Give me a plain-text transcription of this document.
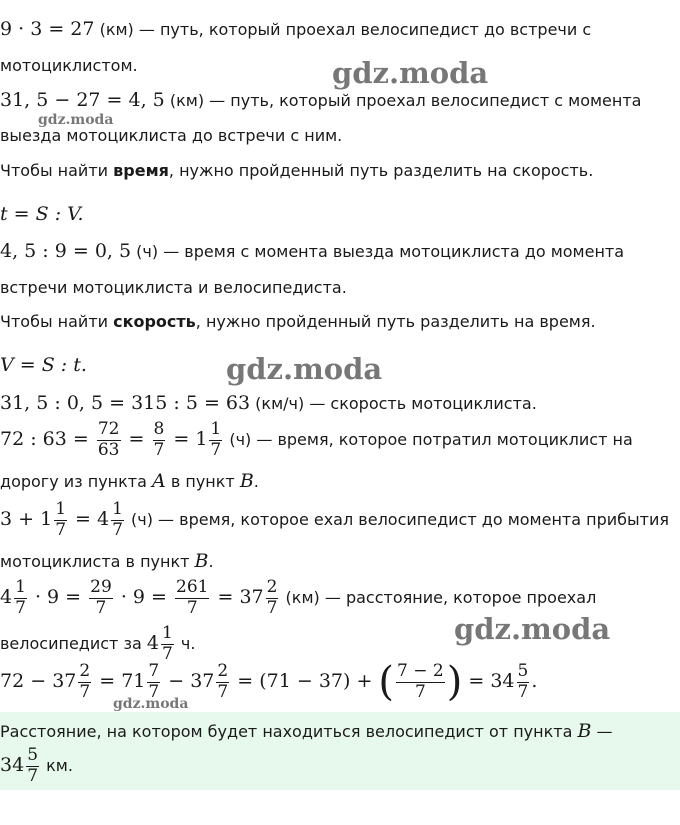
9 · 3 = 27 (км) — путь, который проехал велосипедист до встречи с
мотоциклистом.
31, 5 − 27 = 4, 5 (км) — путь, который проехал велосипедист с момента
выезда мотоциклиста до встречи с ним.
Чтобы найти время, нужно пройденный путь разделить на скорость.
t = S : V.
4, 5 : 9 = 0, 5 (ч) — время с момента выезда мотоциклиста до момента
встречи мотоциклиста и велосипедиста.
Чтобы найти скорость, нужно пройденный путь разделить на время.
V = S : t.
31, 5 : 0, 5 = 315 : 5 = 63 (км/ч) — скорость мотоциклиста.
72 : $63 = \frac{72}{63} = \frac{8}{7} = 1 \frac{1}{7} (ч)$ — время, которое потратил мотоциклист на
дорогу из пункта A в пункт B.
$3 + 1 \frac{1}{7} = 4 \frac{1}{7} (ч)$ — время, которое ехал велосипедист до момента прибытия
мотоциклиста в пункт B.
$4 \frac{1}{7} \cdot 9 = \frac{29}{7} \cdot 9 = \frac{261}{7} = 37 \frac{2}{7} (км)$ — расстояние, которое проехал
велосипедист за $4 \frac{1}{7} ч$.
$72 - 37 \frac{2}{7} = 71 \frac{7}{7} - 37 \frac{2}{7} = (71 - 37)$ + ( $\frac{7 - 2}{7}$ ) = $34 \frac{5}{7}$ .
Расстояние, на котором будет находиться велосипедист от пункта B —
$34 \frac{5}{7}$ км.
gdz.moda
gdz.moda
gdz.moda
gdz.moda
gdz.moda
